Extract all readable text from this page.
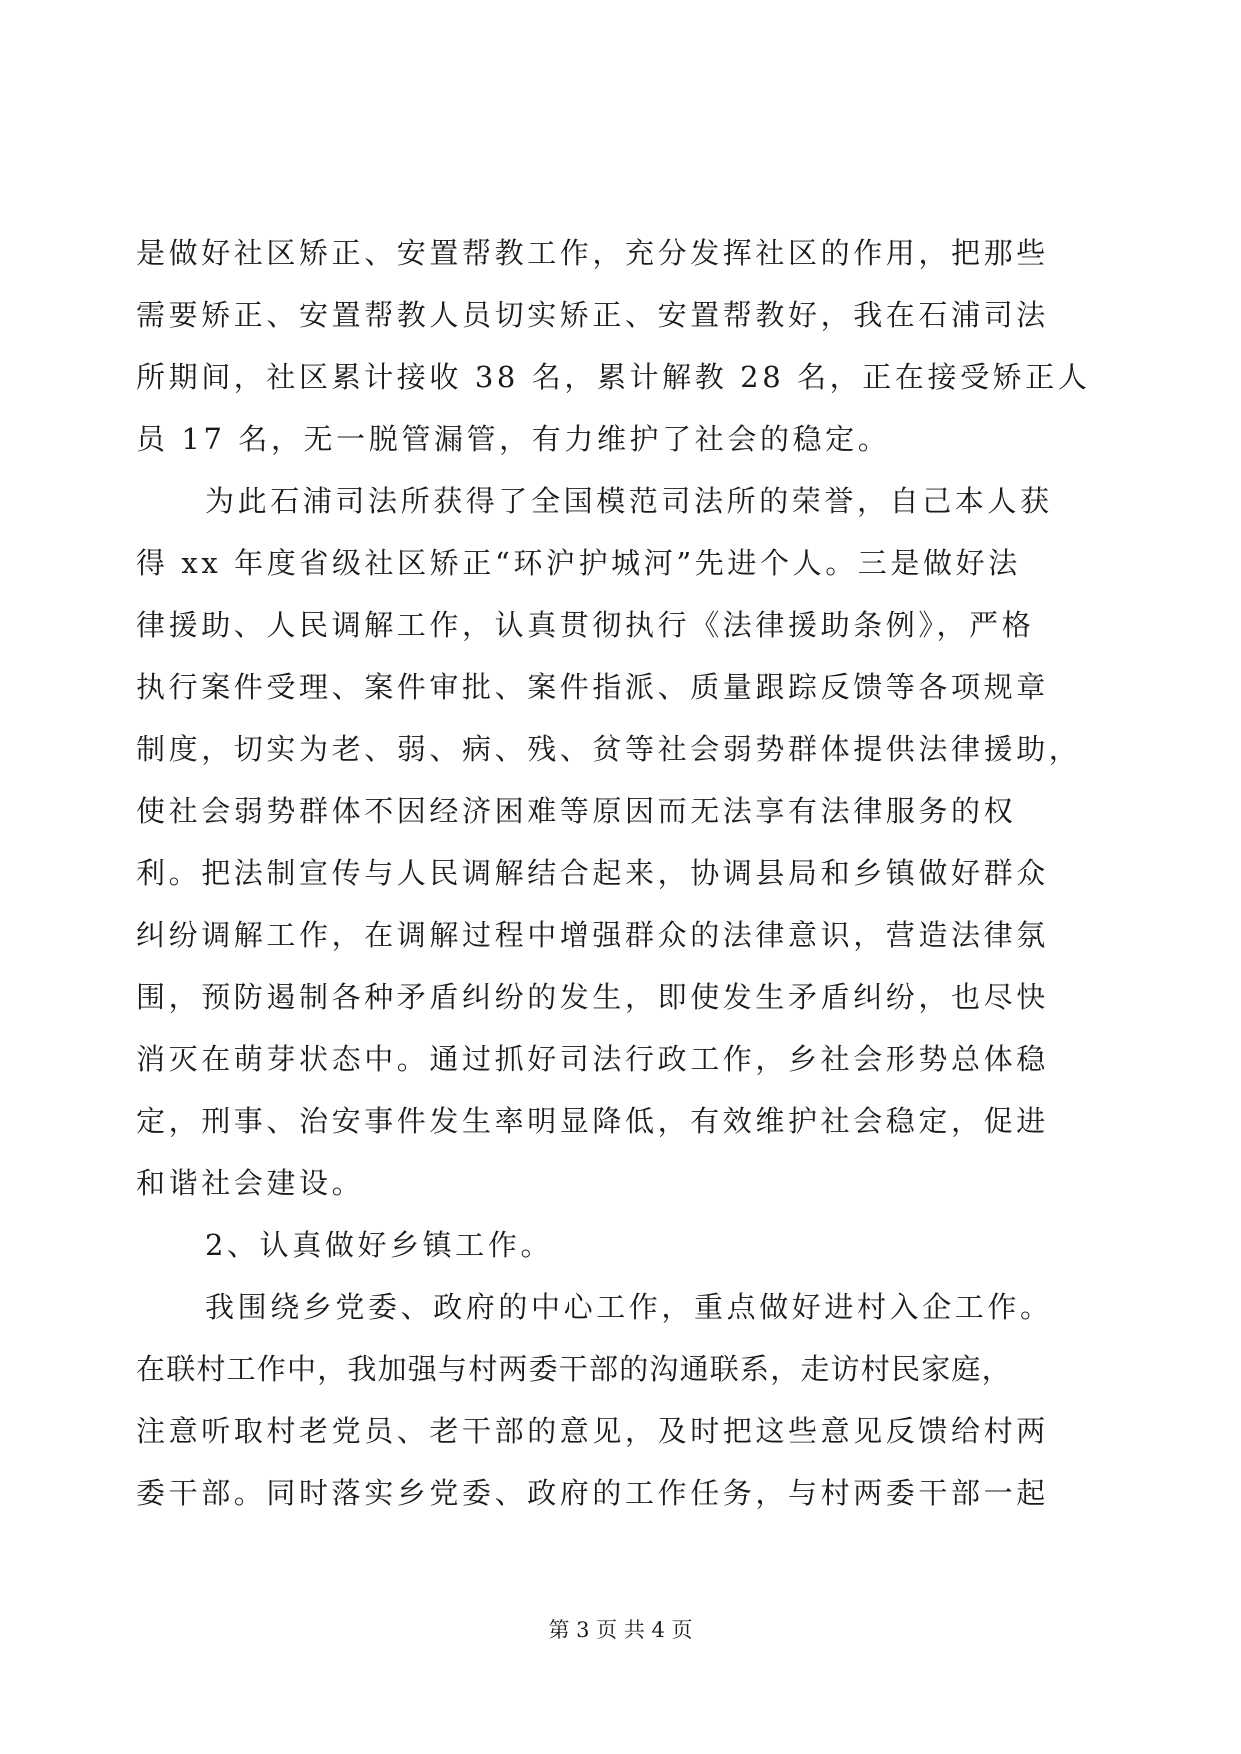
是做好社区矫正、安置帮教工作，充分发挥社区的作用，把那些
需要矫正、安置帮教人员切实矫正、安置帮教好，我在石浦司法
所期间，社区累计接收 38 名，累计解教 28 名，正在接受矫正人
员 17 名，无一脱管漏管，有力维护了社会的稳定。
为此石浦司法所获得了全国模范司法所的荣誉，自己本人获
得 xx 年度省级社区矫正“环沪护城河”先进个人。三是做好法
律援助、人民调解工作，认真贯彻执行《法律援助条例》，严格
执行案件受理、案件审批、案件指派、质量跟踪反馈等各项规章
制度，切实为老、弱、病、残、贫等社会弱势群体提供法律援助，
使社会弱势群体不因经济困难等原因而无法享有法律服务的权
利。把法制宣传与人民调解结合起来，协调县局和乡镇做好群众
纠纷调解工作，在调解过程中增强群众的法律意识，营造法律氛
围，预防遏制各种矛盾纠纷的发生，即使发生矛盾纠纷，也尽快
消灭在萌芽状态中。通过抓好司法行政工作，乡社会形势总体稳
定，刑事、治安事件发生率明显降低，有效维护社会稳定，促进
和谐社会建设。
2、认真做好乡镇工作。
我围绕乡党委、政府的中心工作，重点做好进村入企工作。
在联村工作中，我加强与村两委干部的沟通联系，走访村民家庭，
注意听取村老党员、老干部的意见，及时把这些意见反馈给村两
委干部。同时落实乡党委、政府的工作任务，与村两委干部一起
第 3 页 共 4 页
